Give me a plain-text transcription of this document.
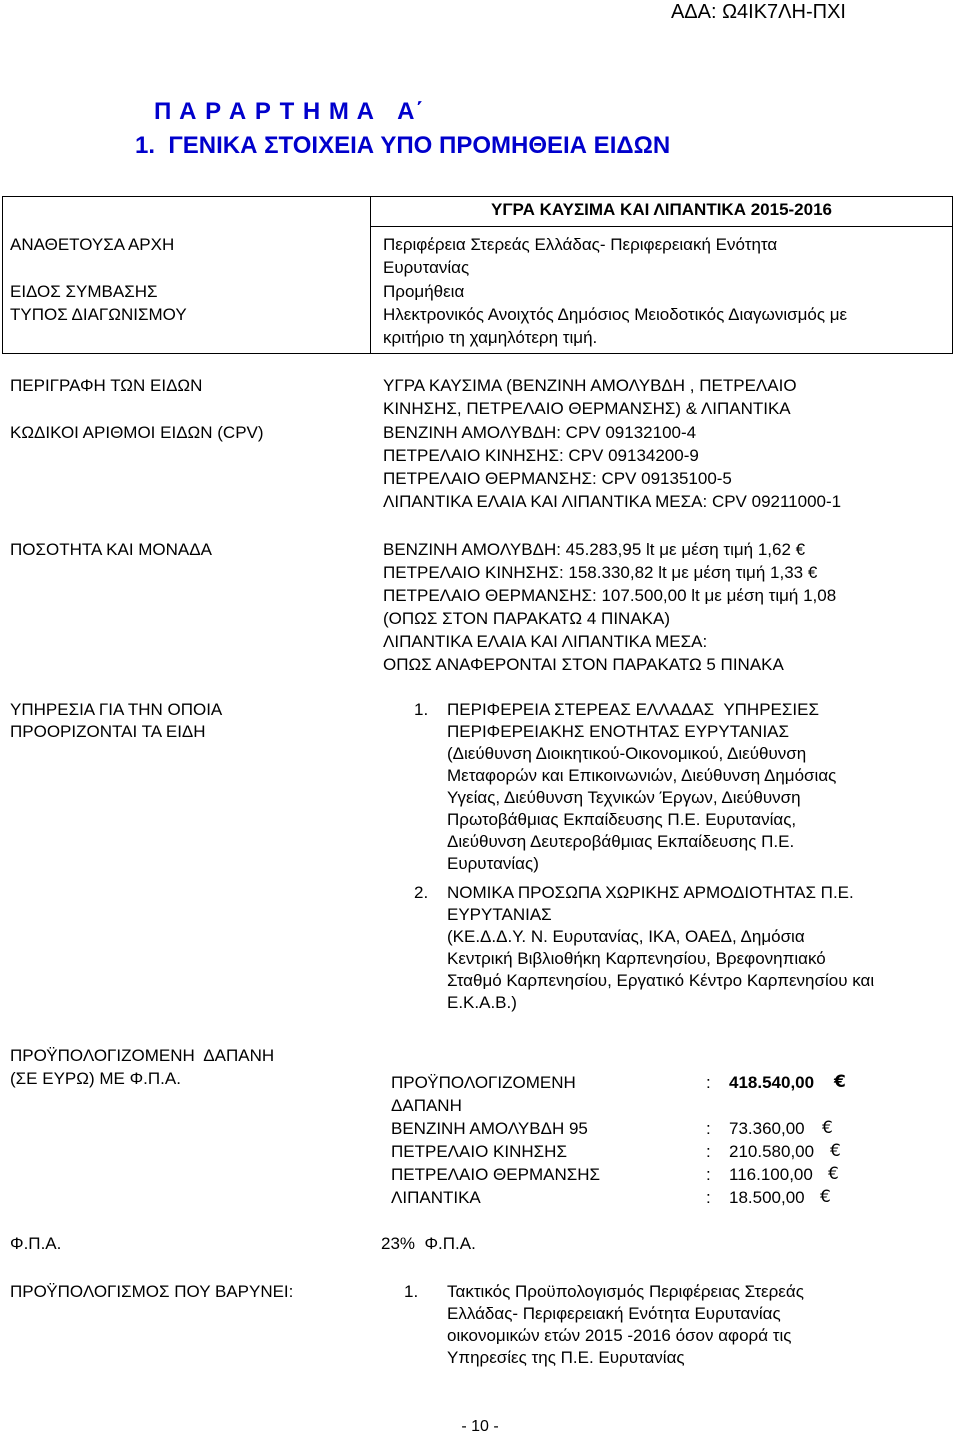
ΑΔΑ: Ω4ΙΚ7ΛΗ-ΠΧΙ
Π Α Ρ Α Ρ Τ Η Μ Α   Α΄
1.  ΓΕΝΙΚΑ ΣΤΟΙΧΕΙΑ ΥΠΟ ΠΡΟΜΗΘΕΙΑ ΕΙΔΩΝ
ΥΓΡΑ ΚΑΥΣΙΜΑ ΚΑΙ ΛΙΠΑΝΤΙΚΑ 2015-2016
ΑΝΑΘΕΤΟΥΣΑ ΑΡΧΗ	Περιφέρεια Στερεάς Ελλάδας- Περιφερειακή Ενότητα
Ευρυτανίας
ΕΙΔΟΣ ΣΥΜΒΑΣΗΣ	Προμήθεια
ΤΥΠΟΣ ΔΙΑΓΩΝΙΣΜΟΥ	Ηλεκτρονικός Ανοιχτός Δημόσιος Μειοδοτικός Διαγωνισμός με
κριτήριο τη χαμηλότερη τιμή.
ΠΕΡΙΓΡΑΦΗ ΤΩΝ ΕΙΔΩΝ	ΥΓΡΑ ΚΑΥΣΙΜΑ (ΒΕΝΖΙΝΗ ΑΜΟΛΥΒΔΗ , ΠΕΤΡΕΛΑΙΟ
ΚΙΝΗΣΗΣ, ΠΕΤΡΕΛΑΙΟ ΘΕΡΜΑΝΣΗΣ) & ΛΙΠΑΝΤΙΚΑ
ΚΩΔΙΚΟΙ ΑΡΙΘΜΟΙ ΕΙΔΩΝ (CPV)	ΒΕΝΖΙΝΗ ΑΜΟΛΥΒΔΗ: CPV 09132100-4
ΠΕΤΡΕΛΑΙΟ ΚΙΝΗΣΗΣ: CPV 09134200-9
ΠΕΤΡΕΛΑΙΟ ΘΕΡΜΑΝΣΗΣ: CPV 09135100-5
ΛΙΠΑΝΤΙΚΑ ΕΛΑΙΑ ΚΑΙ ΛΙΠΑΝΤΙΚΑ ΜΕΣΑ: CPV 09211000-1
ΠΟΣΟΤΗΤΑ ΚΑΙ ΜΟΝΑΔΑ	ΒΕΝΖΙΝΗ ΑΜΟΛΥΒΔΗ: 45.283,95 lt με μέση τιμή 1,62 €
ΠΕΤΡΕΛΑΙΟ ΚΙΝΗΣΗΣ: 158.330,82 lt με μέση τιμή 1,33 €
ΠΕΤΡΕΛΑΙΟ ΘΕΡΜΑΝΣΗΣ: 107.500,00 lt με μέση τιμή 1,08
(ΟΠΩΣ ΣΤΟΝ ΠΑΡΑΚΑΤΩ 4 ΠΙΝΑΚΑ)
ΛΙΠΑΝΤΙΚΑ ΕΛΑΙΑ ΚΑΙ ΛΙΠΑΝΤΙΚΑ ΜΕΣΑ:
ΟΠΩΣ ΑΝΑΦΕΡΟΝΤΑΙ ΣΤΟΝ ΠΑΡΑΚΑΤΩ 5 ΠΙΝΑΚΑ
ΥΠΗΡΕΣΙΑ ΓΙΑ ΤΗΝ ΟΠΟΙΑ
ΠΡΟΟΡΙΖΟΝΤΑΙ ΤΑ ΕΙΔΗ
1. ΠΕΡΙΦΕΡΕΙΑ ΣΤΕΡΕΑΣ ΕΛΛΑΔΑΣ  ΥΠΗΡΕΣΙΕΣ
ΠΕΡΙΦΕΡΕΙΑΚΗΣ ΕΝΟΤΗΤΑΣ ΕΥΡΥΤΑΝΙΑΣ
(Διεύθυνση Διοικητικού-Οικονομικού, Διεύθυνση
Μεταφορών και Επικοινωνιών, Διεύθυνση Δημόσιας
Υγείας, Διεύθυνση Τεχνικών Έργων, Διεύθυνση
Πρωτοβάθμιας Εκπαίδευσης Π.Ε. Ευρυτανίας,
Διεύθυνση Δευτεροβάθμιας Εκπαίδευσης Π.Ε.
Ευρυτανίας)
2. ΝΟΜΙΚΑ ΠΡΟΣΩΠΑ ΧΩΡΙΚΗΣ ΑΡΜΟΔΙΟΤΗΤΑΣ Π.Ε.
ΕΥΡΥΤΑΝΙΑΣ
(ΚΕ.Δ.Δ.Υ. Ν. Ευρυτανίας, ΙΚΑ, ΟΑΕΔ, Δημόσια
Κεντρική Βιβλιοθήκη Καρπενησίου, Βρεφονηπιακό
Σταθμό Καρπενησίου, Εργατικό Κέντρο Καρπενησίου και
Ε.Κ.Α.Β.)
ΠΡΟΫΠΟΛΟΓΙΖΟΜΕΝΗ  ΔΑΠΑΝΗ
(ΣΕ ΕΥΡΩ) ΜΕ Φ.Π.Α.	ΠΡΟΫΠΟΛΟΓΙΖΟΜΕΝΗ
ΔΑΠΑΝΗ
: 418.540,00 €
ΒΕΝΖΙΝΗ ΑΜΟΛΥΒΔΗ 95	: 73.360,00 €
ΠΕΤΡΕΛΑΙΟ ΚΙΝΗΣΗΣ	: 210.580,00 €
ΠΕΤΡΕΛΑΙΟ ΘΕΡΜΑΝΣΗΣ	: 116.100,00 €
ΛΙΠΑΝΤΙΚΑ	: 18.500,00 €
Φ.Π.Α.	23%  Φ.Π.Α.
ΠΡΟΫΠΟΛΟΓΙΣΜΟΣ ΠΟΥ ΒΑΡΥΝΕΙ:	1. Τακτικός Προϋπολογισμός Περιφέρειας Στερεάς
Ελλάδας- Περιφερειακή Ενότητα Ευρυτανίας
οικονομικών ετών 2015 -2016 όσον αφορά τις
Υπηρεσίες της Π.Ε. Ευρυτανίας
- 10 -
